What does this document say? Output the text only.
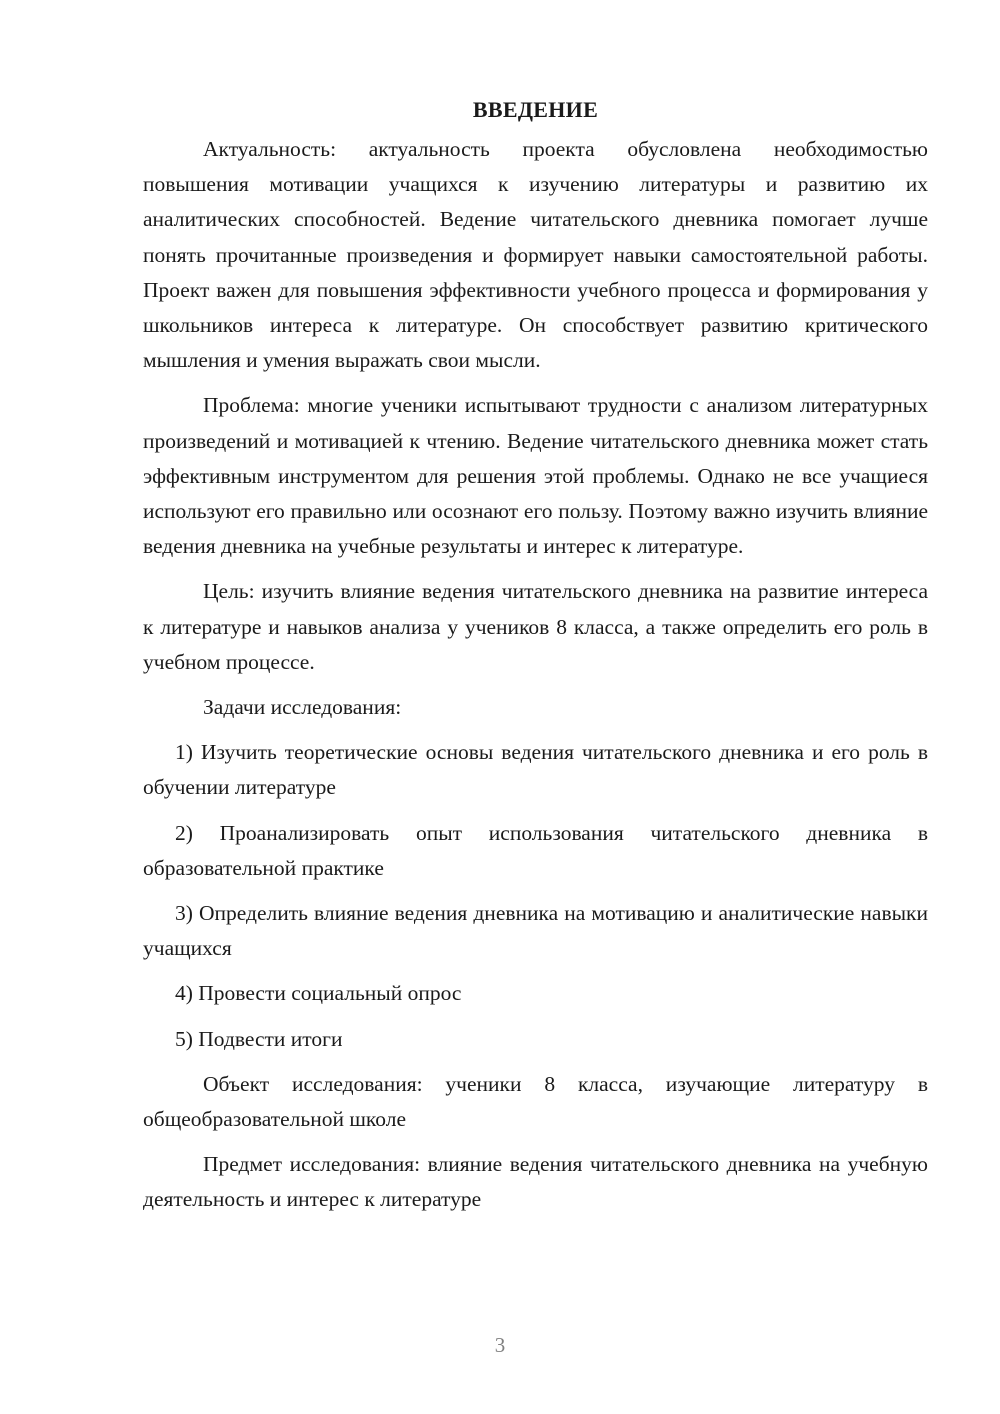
ВВЕДЕНИЕ

Актуальность: актуальность проекта обусловлена необходимостью повышения мотивации учащихся к изучению литературы и развитию их аналитических способностей. Ведение читательского дневника помогает лучше понять прочитанные произведения и формирует навыки самостоятельной работы. Проект важен для повышения эффективности учебного процесса и формирования у школьников интереса к литературе. Он способствует развитию критического мышления и умения выражать свои мысли.

Проблема: многие ученики испытывают трудности с анализом литературных произведений и мотивацией к чтению. Ведение читательского дневника может стать эффективным инструментом для решения этой проблемы. Однако не все учащиеся используют его правильно или осознают его пользу. Поэтому важно изучить влияние ведения дневника на учебные результаты и интерес к литературе.

Цель: изучить влияние ведения читательского дневника на развитие интереса к литературе и навыков анализа у учеников 8 класса, а также определить его роль в учебном процессе.

Задачи исследования:

1) Изучить теоретические основы ведения читательского дневника и его роль в обучении литературе

2) Проанализировать опыт использования читательского дневника в образовательной практике

3) Определить влияние ведения дневника на мотивацию и аналитические навыки учащихся

4) Провести социальный опрос

5) Подвести итоги

Объект исследования: ученики 8 класса, изучающие литературу в общеобразовательной школе

Предмет исследования: влияние ведения читательского дневника на учебную деятельность и интерес к литературе

3
